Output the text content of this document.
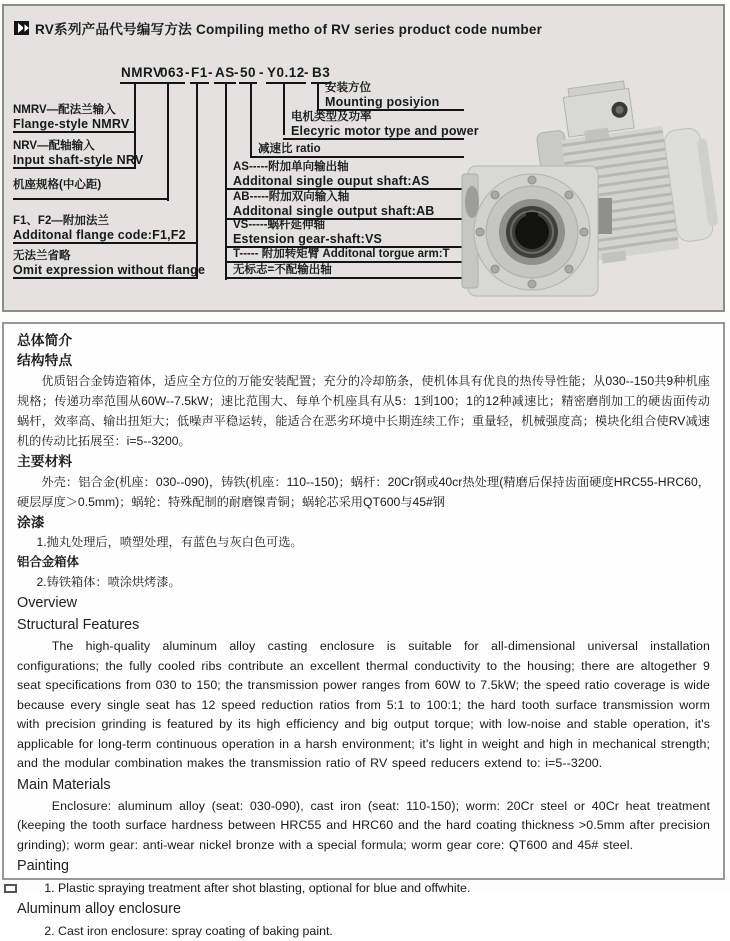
RV系列产品代号编写方法 Compiling metho of RV series product code number
NMRV
063 - F1 - AS - 50 - Y0.12 - B3
NMRV—配法兰输入
Flange-style NMRV
NRV—配轴输入
Input shaft-style NRV
机座规格(中心距)
F1、F2—附加法兰
Additonal flange code:F1,F2
无法兰省略
Omit expression without flange
安装方位
Mounting posiyion
电机类型及功率
Elecyric motor type and power
减速比 ratio
AS-----附加单向输出轴
Additonal single ouput shaft:AS
AB-----附加双向输入轴
Additonal single output shaft:AB
VS-----蜗杆延伸轴
Estension gear-shaft:VS
T----- 附加转矩臂 Additonal torgue arm:T
无标志=不配输出轴
总体简介
结构特点

优质铝合金铸造箱体，适应全方位的万能安装配置；充分的冷却筋条，使机体具有优良的热传导性能；从030--150共9种机座规格；传递功率范围从60W--7.5kW；速比范围大、每单个机座具有从5：1到100；1的12种减速比；精密磨削加工的硬齿面传动蜗杆，效率高、输出扭矩大；低噪声平稳运转，能适合在恶劣环境中长期连续工作；重量轻，机械强度高；模块化组合使RV减速机的传动比拓展至：i=5--3200。

主要材料

外壳：铝合金(机座：030--090)，铸铁(机座：110--150)；蜗杆：20Cr钢或40cr热处理(精磨后保持齿面硬度HRC55-HRC60，硬层厚度＞0.5mm)；蜗轮：特殊配制的耐磨镍青铜；蜗轮芯采用QT600与45#钢

涂漆

1.抛丸处理后，喷塑处理，有蓝色与灰白色可选。

铝合金箱体

2.铸铁箱体：喷涂烘烤漆。

Overview
Structural Features

The high-quality aluminum alloy casting enclosure is suitable for all-dimensional universal installation configurations; the fully cooled ribs contribute an excellent thermal conductivity to the housing; there are altogether 9 seat specifications from 030 to 150; the transmission power ranges from 60W to 7.5kW; the speed ratio coverage is wide because every single seat has 12 speed reduction ratios from 5:1 to 100:1; the hard tooth surface transmission worm with precision grinding is featured by its high efficiency and big output torque; with low-noise and stable operation, it's applicable for long-term continuous operation in a harsh environment; it's light in weight and high in mechanical strength; and the modular combination makes the transmission ratio of RV speed reducers extend to: i=5--3200.

Main Materials

Enclosure: aluminum alloy (seat: 030-090), cast iron (seat: 110-150); worm: 20Cr steel or 40Cr heat treatment (keeping the tooth surface hardness between HRC55 and HRC60 and the hard coating thickness >0.5mm after precision grinding); worm gear: anti-wear nickel bronze with a special formula; worm gear core: QT600 and 45# steel.

Painting

1. Plastic spraying treatment after shot blasting, optional for blue and offwhite.

Aluminum alloy enclosure

2. Cast iron enclosure: spray coating of baking paint.
